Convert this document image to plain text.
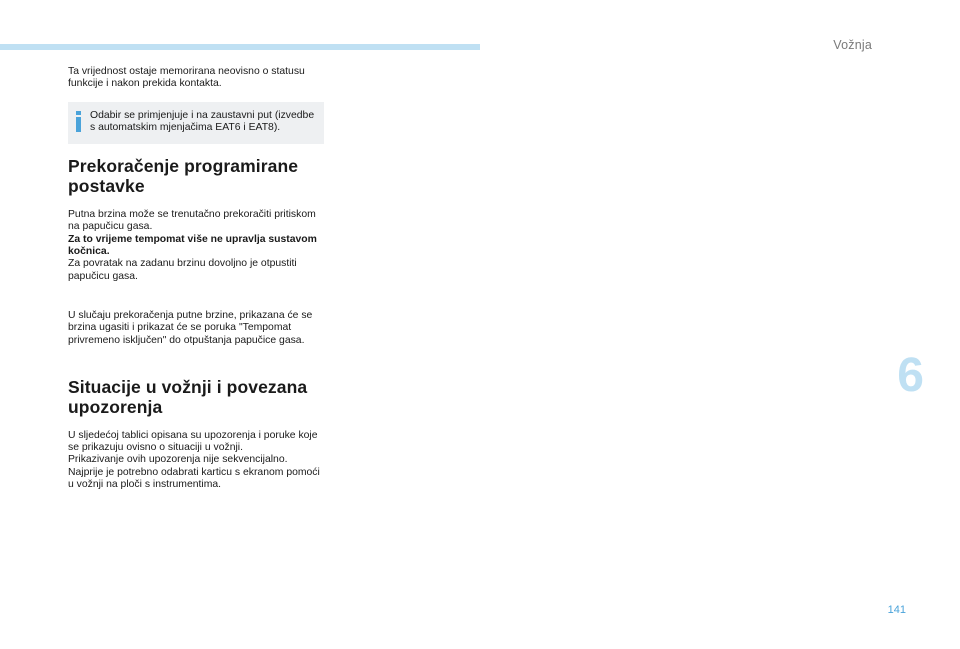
Vožnja

Ta vrijednost ostaje memorirana neovisno o statusu funkcije i nakon prekida kontakta.

Odabir se primjenjuje i na zaustavni put (izvedbe s automatskim mjenjačima EAT6 i EAT8).

Prekoračenje programirane postavke

Putna brzina može se trenutačno prekoračiti pritiskom na papučicu gasa.

Za to vrijeme tempomat više ne upravlja sustavom kočnica.

Za povratak na zadanu brzinu dovoljno je otpustiti papučicu gasa.

U slučaju prekoračenja putne brzine, prikazana će se brzina ugasiti i prikazat će se poruka "Tempomat privremeno isključen" do otpuštanja papučice gasa.

Situacije u vožnji i povezana upozorenja

U sljedećoj tablici opisana su upozorenja i poruke koje se prikazuju ovisno o situaciji u vožnji.

Prikazivanje ovih upozorenja nije sekvencijalno.

Najprije je potrebno odabrati karticu s ekranom pomoći u vožnji na ploči s instrumentima.

6
141
